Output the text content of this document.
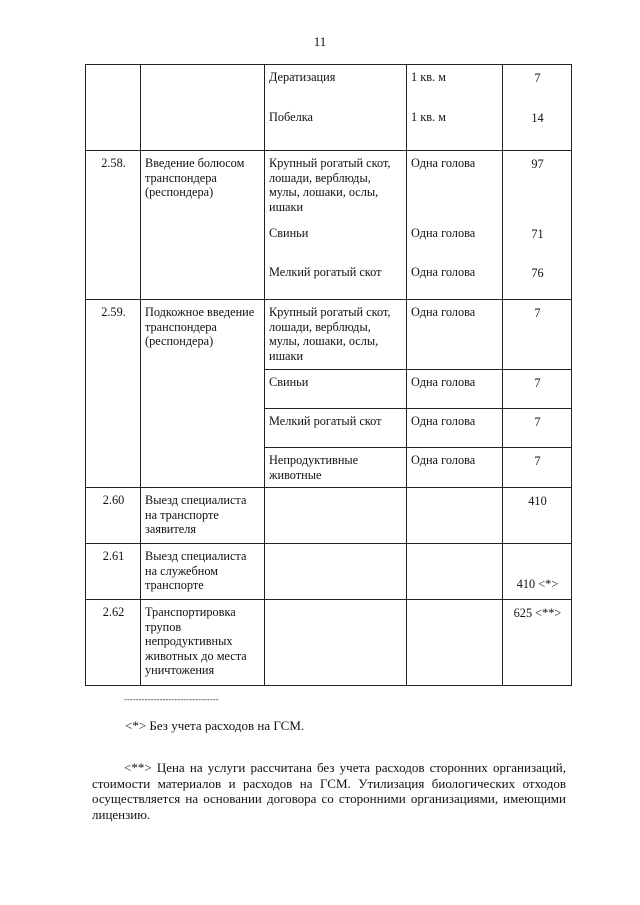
11
		Дератизация	1 кв. м	7
		Побелка	1 кв. м	14
2.58.	Введение болюсом транспондера (респондера)	Крупный рогатый скот, лошади, верблюды, мулы, лошаки, ослы, ишаки	Одна голова	97
		Свиньи	Одна голова	71
		Мелкий рогатый скот	Одна голова	76
2.59.	Подкожное введение транспондера (респондера)	Крупный рогатый скот, лошади, верблюды, мулы, лошаки, ослы, ишаки	Одна голова	7
		Свиньи	Одна голова	7
		Мелкий рогатый скот	Одна голова	7
		Непродуктивные животные	Одна голова	7
2.60	Выезд специалиста на транспорте заявителя			410
2.61	Выезд специалиста на служебном транспорте			410 <*>
2.62	Транспортировка трупов непродуктивных животных до места уничтожения			625 <**>
--------------------------------
<*> Без учета расходов на ГСМ.
<**> Цена на услуги рассчитана без учета расходов сторонних организаций, стоимости материалов и расходов на ГСМ. Утилизация биологических отходов осуществляется на основании договора со сторонними организациями, имеющими лицензию.
